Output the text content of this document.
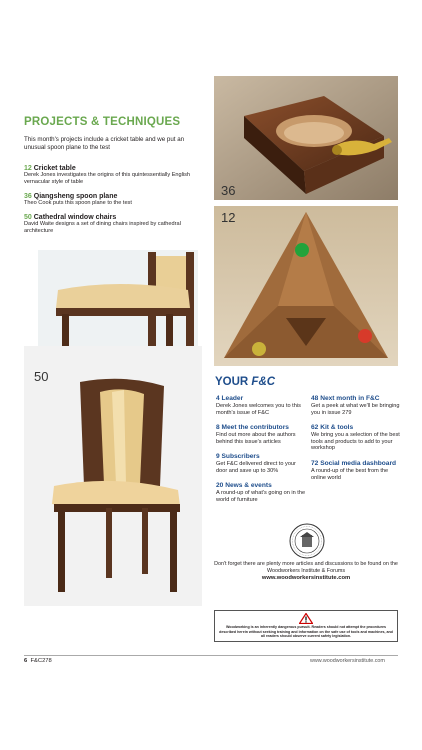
PROJECTS & TECHNIQUES
This month's projects include a cricket table and we put an unusual spoon plane to the test
12 Cricket table
Derek Jones investigates the origins of this quintessentially English vernacular style of table
36 Qiangsheng spoon plane
Theo Cook puts this spoon plane to the test
50 Cathedral window chairs
David Waite designs a set of dining chairs inspired by cathedral architecture
36
12
50	YOUR F&C
4 Leader
Derek Jones welcomes you to this month's issue of F&C
8 Meet the contributors
Find out more about the authors behind this issue's articles
9 Subscribers
Get F&C delivered direct to your door and save up to 30%
20 News & events
A round-up of what's going on in the world of furniture
48 Next month in F&C
Get a peek at what we'll be bringing you in issue 279
62 Kit & tools
We bring you a selection of the best tools and products to add to your workshop
72 Social media dashboard
A round-up of the best from the online world
Don't forget there are plenty more articles and discussions to be found on the Woodworkers Institute & Forums
www.woodworkersinstitute.com
Woodworking is an inherently dangerous pursuit. Readers should not attempt the procedures described herein without seeking training and information on the safe use of tools and machines, and all readers should observe current safety legislation.
6 F&C278	www.woodworkersinstitute.com
